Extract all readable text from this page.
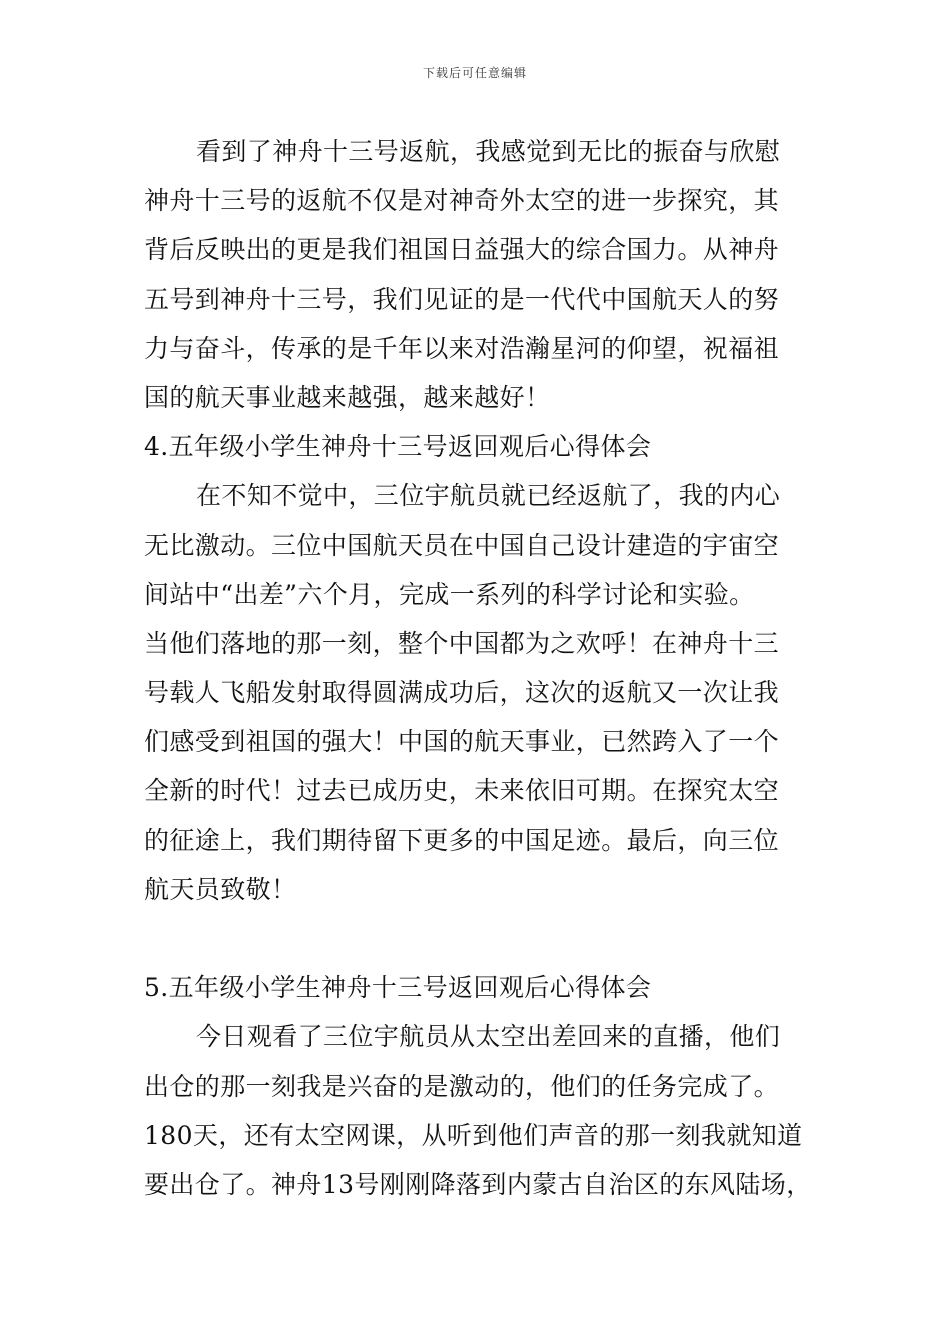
下载后可任意编辑
看到了神舟十三号返航，我感觉到无比的振奋与欣慰
神舟十三号的返航不仅是对神奇外太空的进一步探究，其
背后反映出的更是我们祖国日益强大的综合国力。从神舟
五号到神舟十三号，我们见证的是一代代中国航天人的努
力与奋斗，传承的是千年以来对浩瀚星河的仰望，祝福祖
国的航天事业越来越强，越来越好！
4.五年级小学生神舟十三号返回观后心得体会
在不知不觉中，三位宇航员就已经返航了，我的内心
无比激动。三位中国航天员在中国自己设计建造的宇宙空
间站中“出差”六个月，完成一系列的科学讨论和实验。
当他们落地的那一刻，整个中国都为之欢呼！在神舟十三
号载人飞船发射取得圆满成功后，这次的返航又一次让我
们感受到祖国的强大！中国的航天事业，已然跨入了一个
全新的时代！过去已成历史，未来依旧可期。在探究太空
的征途上，我们期待留下更多的中国足迹。最后，向三位
航天员致敬！
5.五年级小学生神舟十三号返回观后心得体会
今日观看了三位宇航员从太空出差回来的直播，他们
出仓的那一刻我是兴奋的是激动的，他们的任务完成了。
180天，还有太空网课，从听到他们声音的那一刻我就知道
要出仓了。神舟13号刚刚降落到内蒙古自治区的东风陆场，
